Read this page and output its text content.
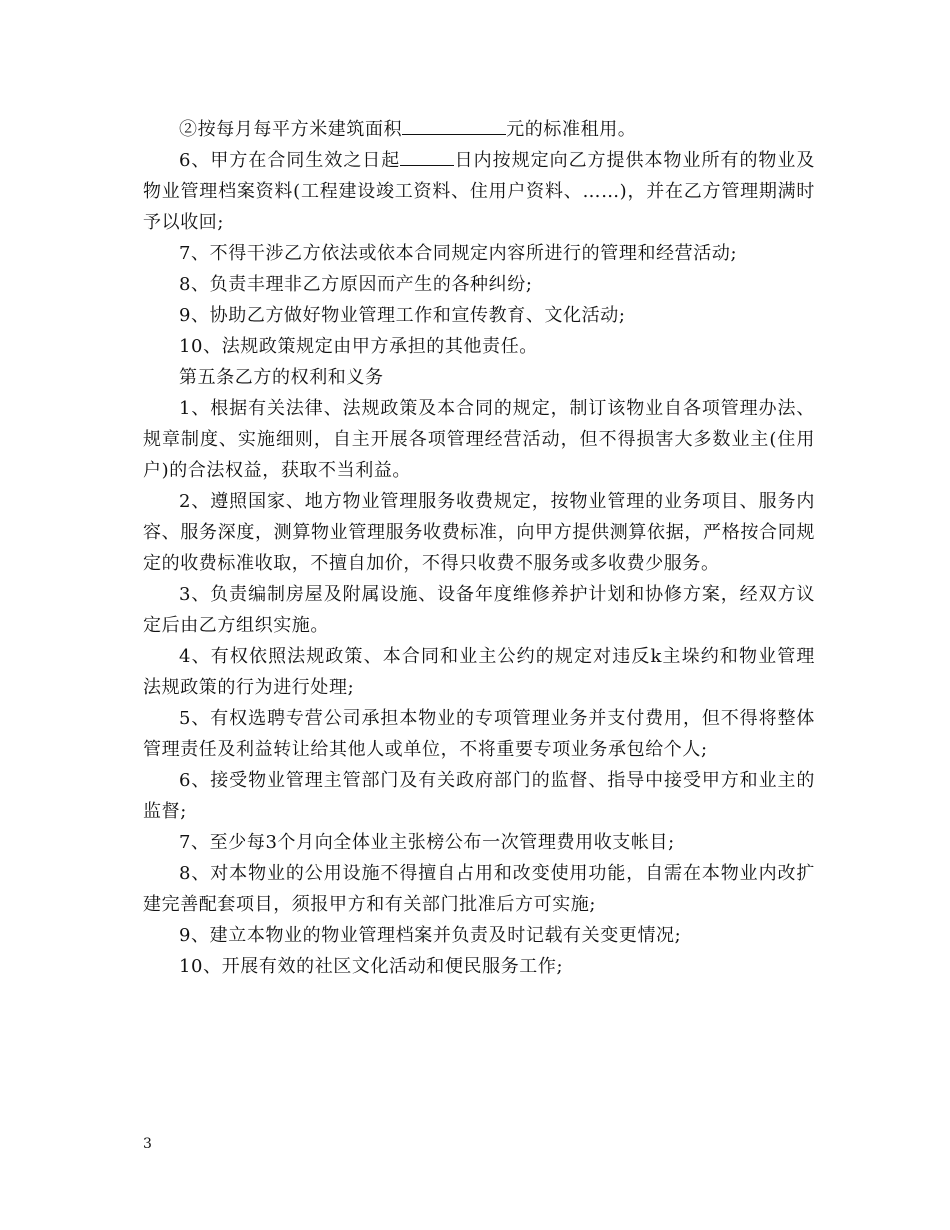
②按每月每平方米建筑面积	元的标准租用。

6、甲方在合同生效之日起	日内按规定向乙方提供本物业所有的物业及物业管理档案资料(工程建设竣工资料、住用户资料、……)，并在乙方管理期满时予以收回;

7、不得干涉乙方依法或依本合同规定内容所进行的管理和经营活动;

8、负责丰理非乙方原因而产生的各种纠纷;

9、协助乙方做好物业管理工作和宣传教育、文化活动;

10、法规政策规定由甲方承担的其他责任。

第五条乙方的权利和义务

1、根据有关法律、法规政策及本合同的规定，制订该物业自各项管理办法、规章制度、实施细则，自主开展各项管理经营活动，但不得损害大多数业主(住用户)的合法权益，获取不当利益。

2、遵照国家、地方物业管理服务收费规定，按物业管理的业务项目、服务内容、服务深度，测算物业管理服务收费标准，向甲方提供测算依据，严格按合同规定的收费标准收取，不擅自加价，不得只收费不服务或多收费少服务。

3、负责编制房屋及附属设施、设备年度维修养护计划和协修方案，经双方议定后由乙方组织实施。

4、有权依照法规政策、本合同和业主公约的规定对违反k主垛约和物业管理法规政策的行为进行处理;

5、有权选聘专营公司承担本物业的专项管理业务并支付费用，但不得将整体管理责任及利益转让给其他人或单位，不将重要专项业务承包给个人;

6、接受物业管理主管部门及有关政府部门的监督、指导中接受甲方和业主的监督;

7、至少每3个月向全体业主张榜公布一次管理费用收支帐目;

8、对本物业的公用设施不得擅自占用和改变使用功能，自需在本物业内改扩建完善配套项目，须报甲方和有关部门批准后方可实施;

9、建立本物业的物业管理档案并负责及时记载有关变更情况;

10、开展有效的社区文化活动和便民服务工作;

3
